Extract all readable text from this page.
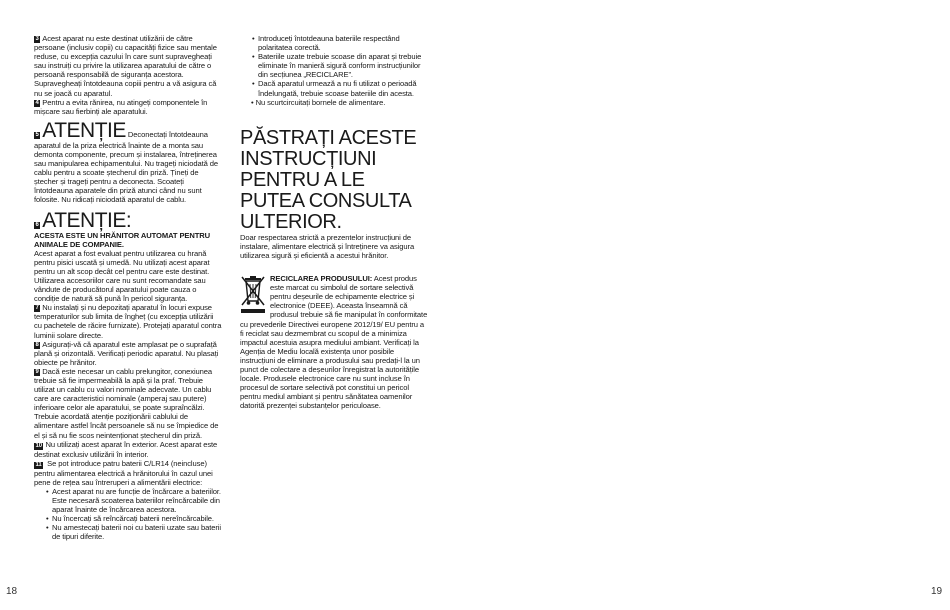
3 Acest aparat nu este destinat utilizării de către persoane (inclusiv copii) cu capacități fizice sau mentale reduse, cu excepția cazului în care sunt supravegheați sau instruiți cu privire la utilizarea aparatului de către o persoană responsabilă de siguranța acestora. Supravegheați întotdeauna copiii pentru a vă asigura că nu se joacă cu aparatul.

4 Pentru a evita rănirea, nu atingeți componentele în mișcare sau fierbinți ale aparatului.

5 ATENȚIE Deconectați întotdeauna aparatul de la priza electrică înainte de a monta sau demonta componente, precum și instalarea, întreținerea sau manipularea echipamentului. Nu trageți niciodată de cablu pentru a scoate ștecherul din priză. Țineți de ștecher și trageți pentru a deconecta. Scoateți întotdeauna aparatele din priză atunci când nu sunt folosite. Nu ridicați niciodată aparatul de cablu.
6 ATENȚIE:

ACESTA ESTE UN HRĂNITOR AUTOMAT PENTRU ANIMALE DE COMPANIE.

Acest aparat a fost evaluat pentru utilizarea cu hrană pentru pisici uscată și umedă. Nu utilizați acest aparat pentru un alt scop decât cel pentru care este destinat. Utilizarea accesoriilor care nu sunt recomandate sau vândute de producătorul aparatului poate cauza o condiție de natură să pună în pericol siguranța.

7 Nu instalați și nu depozitați aparatul în locuri expuse temperaturilor sub limita de îngheț (cu excepția utilizării cu pachetele de răcire furnizate). Protejați aparatul contra luminii solare directe.

8 Asigurați-vă că aparatul este amplasat pe o suprafață plană și orizontală. Verificați periodic aparatul. Nu plasați obiecte pe hrănitor.

9 Dacă este necesar un cablu prelungitor, conexiunea trebuie să fie impermeabilă la apă și la praf. Trebuie utilizat un cablu cu valori nominale adecvate. Un cablu care are caracteristici nominale (amperaj sau putere) inferioare celor ale aparatului, se poate supraîncălzi. Trebuie acordată atenție poziționării cablului de alimentare astfel încât persoanele să nu se împiedice de el și să nu fie scos neintenționat ștecherul din priză.

10 Nu utilizați acest aparat în exterior. Acest aparat este destinat exclusiv utilizării în interior.

11 Se pot introduce patru baterii C/LR14 (neincluse) pentru alimentarea electrică a hrănitorului în cazul unei pene de rețea sau întreruperi a alimentării electrice:

• Acest aparat nu are funcție de încărcare a bateriilor. Este necesară scoaterea bateriilor reîncărcabile din aparat înainte de încărcarea acestora.
• Nu încercați să reîncărcați baterii nereîncărcabile.
• Nu amestecați baterii noi cu baterii uzate sau baterii de tipuri diferite.
• Introduceți întotdeauna bateriile respectând polaritatea corectă.
• Bateriile uzate trebuie scoase din aparat și trebuie eliminate în manieră sigură conform instrucțiunilor din secțiunea „RECICLARE”.
• Dacă aparatul urmează a nu fi utilizat o perioadă îndelungată, trebuie scoase bateriile din acesta.

• Nu scurtcircuitați bornele de alimentare.

PĂSTRAȚI ACESTE INSTRUCȚIUNI PENTRU A LE PUTEA CONSULTA ULTERIOR.

Doar respectarea strictă a prezentelor instrucțiuni de instalare, alimentare electrică și întreținere va asigura utilizarea sigură și eficientă a acestui hrănitor.

RECICLAREA PRODUSULUI: Acest produs este marcat cu simbolul de sortare selectivă pentru deșeurile de echipamente electrice și electronice (DEEE). Aceasta înseamnă că produsul trebuie să fie manipulat în conformitate cu prevederile Directivei europene 2012/19/ EU pentru a fi reciclat sau dezmembrat cu scopul de a minimiza impactul acestuia asupra mediului ambiant. Verificați la Agenția de Mediu locală existența unor posibile instrucțiuni de eliminare a produsului sau predați-l la un punct de colectare a deșeurilor înregistrat la autoritățile locale. Produsele electronice care nu sunt incluse în procesul de sortare selectivă pot constitui un pericol pentru mediul ambiant și pentru sănătatea oamenilor datorită prezenței substanțelor periculoase.

18	19
